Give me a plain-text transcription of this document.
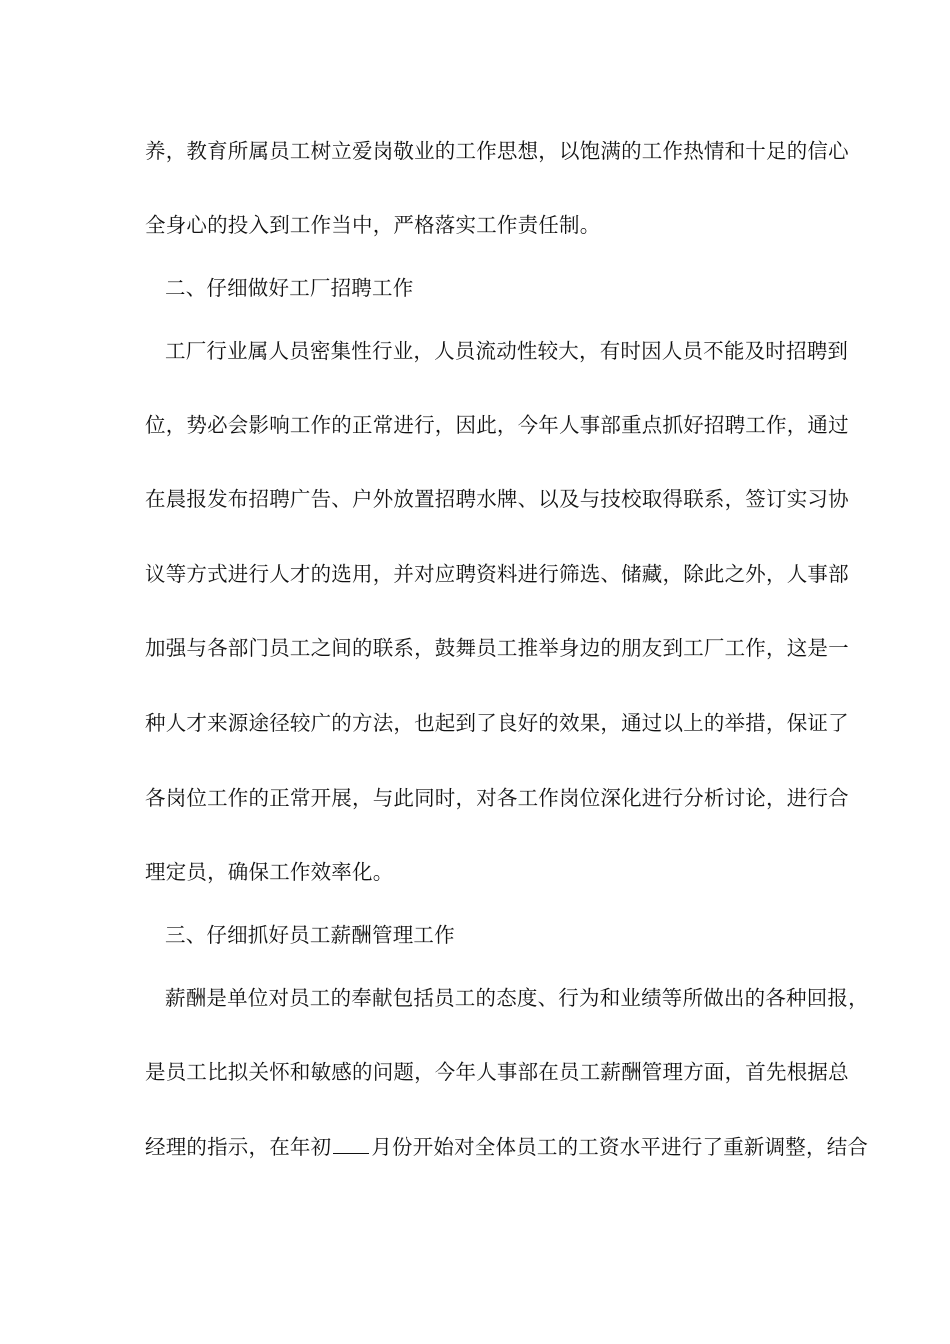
养，教育所属员工树立爱岗敬业的工作思想，以饱满的工作热情和十足的信心
全身心的投入到工作当中，严格落实工作责任制。
二、仔细做好工厂招聘工作
工厂行业属人员密集性行业，人员流动性较大，有时因人员不能及时招聘到
位，势必会影响工作的正常进行，因此，今年人事部重点抓好招聘工作，通过
在晨报发布招聘广告、户外放置招聘水牌、以及与技校取得联系，签订实习协
议等方式进行人才的选用，并对应聘资料进行筛选、储藏，除此之外，人事部
加强与各部门员工之间的联系，鼓舞员工推举身边的朋友到工厂工作，这是一
种人才来源途径较广的方法，也起到了良好的效果，通过以上的举措，保证了
各岗位工作的正常开展，与此同时，对各工作岗位深化进行分析讨论，进行合
理定员，确保工作效率化。
三、仔细抓好员工薪酬管理工作
薪酬是单位对员工的奉献包括员工的态度、行为和业绩等所做出的各种回报，
是员工比拟关怀和敏感的问题，今年人事部在员工薪酬管理方面，首先根据总
经理的指示，在年初 月份开始对全体员工的工资水平进行了重新调整，结合
